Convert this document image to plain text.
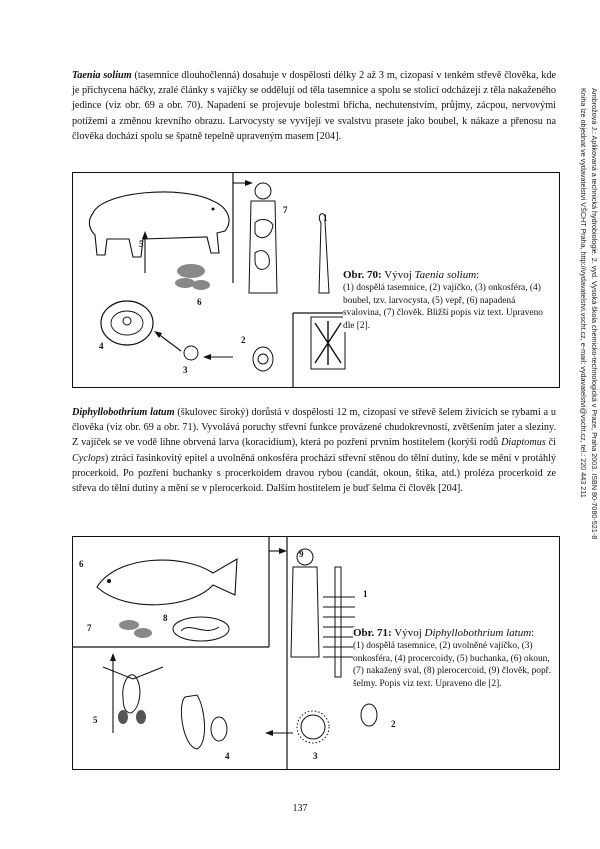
Ambrožová J.: Aplikovaná a technická hydrobiologie. 2. vyd. Vysoká škola chemicko-technologická v Praze, Praha 2003. ISBN 80-7080-521-8
Kniha lze objednat ve vydavatelství VŠCHT Praha, http://vydavatelstvi.vscht.cz, e-mail: vydavatelstvi@vscht.cz, tel.: 220 443 211

Taenia solium (tasemnice dlouhočlenná) dosahuje v dospělosti délky 2 až 3 m, cizopasí v tenkém střevě člověka, kde je přichycena háčky, zralé články s vajíčky se oddělují od těla tasemnice a spolu se stolicí odcházejí z těla nakaženého jedince (viz obr. 69 a obr. 70). Napadení se projevuje bolestmi břicha, nechutenstvím, průjmy, zácpou, nervovými potížemi a změnou krevního obrazu. Larvocysty se vyvíjejí ve svalstvu prasete jako boubel, k nákaze a přenosu na člověka dochází spolu se špatně tepelně upraveným masem [204].

1
2
3
4
5
6
7
Obr. 70: Vývoj Taenia solium:
(1) dospělá tasemnice, (2) vajíčko, (3) onkosféra, (4) boubel, tzv. larvocysta, (5) vepř, (6) napadená svalovina, (7) člověk. Bližší popis viz text. Upraveno dle [2].

Diphyllobothrium latum (škulovec široký) dorůstá v dospělosti 12 m, cizopasí ve střevě šelem živících se rybami a u člověka (viz obr. 69 a obr. 71). Vyvolává poruchy střevní funkce provázené chudokrevností, zvětšením jater a sleziny. Z vajíček se ve vodě líhne obrvená larva (koracidium), která po pozření prvním hostitelem (korýši rodů Diaptomus či Cyclops) ztrácí řasinkovitý epitel a uvolněná onkosféra prochází střevní stěnou do tělní dutiny, kde se mění v protáhlý procerkoid. Po pozření buchanky s procerkoidem dravou rybou (candát, okoun, štika, atd.) proléza procerkoid ze střeva do tělní dutiny a mění se v plerocerkoid. Dalším hostitelem je buď šelma či člověk [204].

1
2
3
4
5
6
7
8
9
Obr. 71: Vývoj Diphyllobothrium latum:
(1) dospělá tasemnice, (2) uvolněné vajíčko, (3) onkosféra, (4) procercoidy, (5) buchanka, (6) okoun, (7) nakažený sval, (8) plerocercoid, (9) člověk, popř. šelmy. Popis viz text. Upraveno dle [2].
137
